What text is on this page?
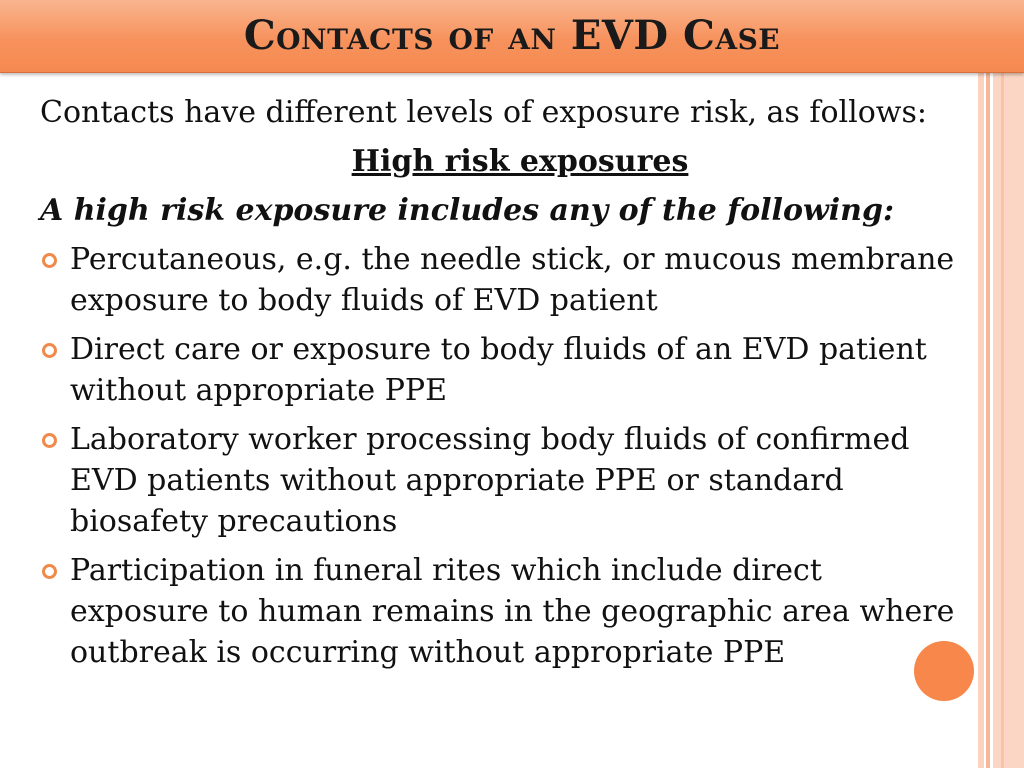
Contacts of an EVD Case
Contacts have different levels of exposure risk, as follows:
High risk exposures
A high risk exposure includes any of the following:
Percutaneous, e.g. the needle stick, or mucous membrane exposure to body fluids of EVD patient
Direct care or exposure to body fluids of an EVD patient without appropriate PPE
Laboratory worker processing body fluids of confirmed EVD patients without appropriate PPE or standard biosafety precautions
Participation in funeral rites which include direct exposure to human remains in the geographic area where outbreak is occurring without appropriate PPE
